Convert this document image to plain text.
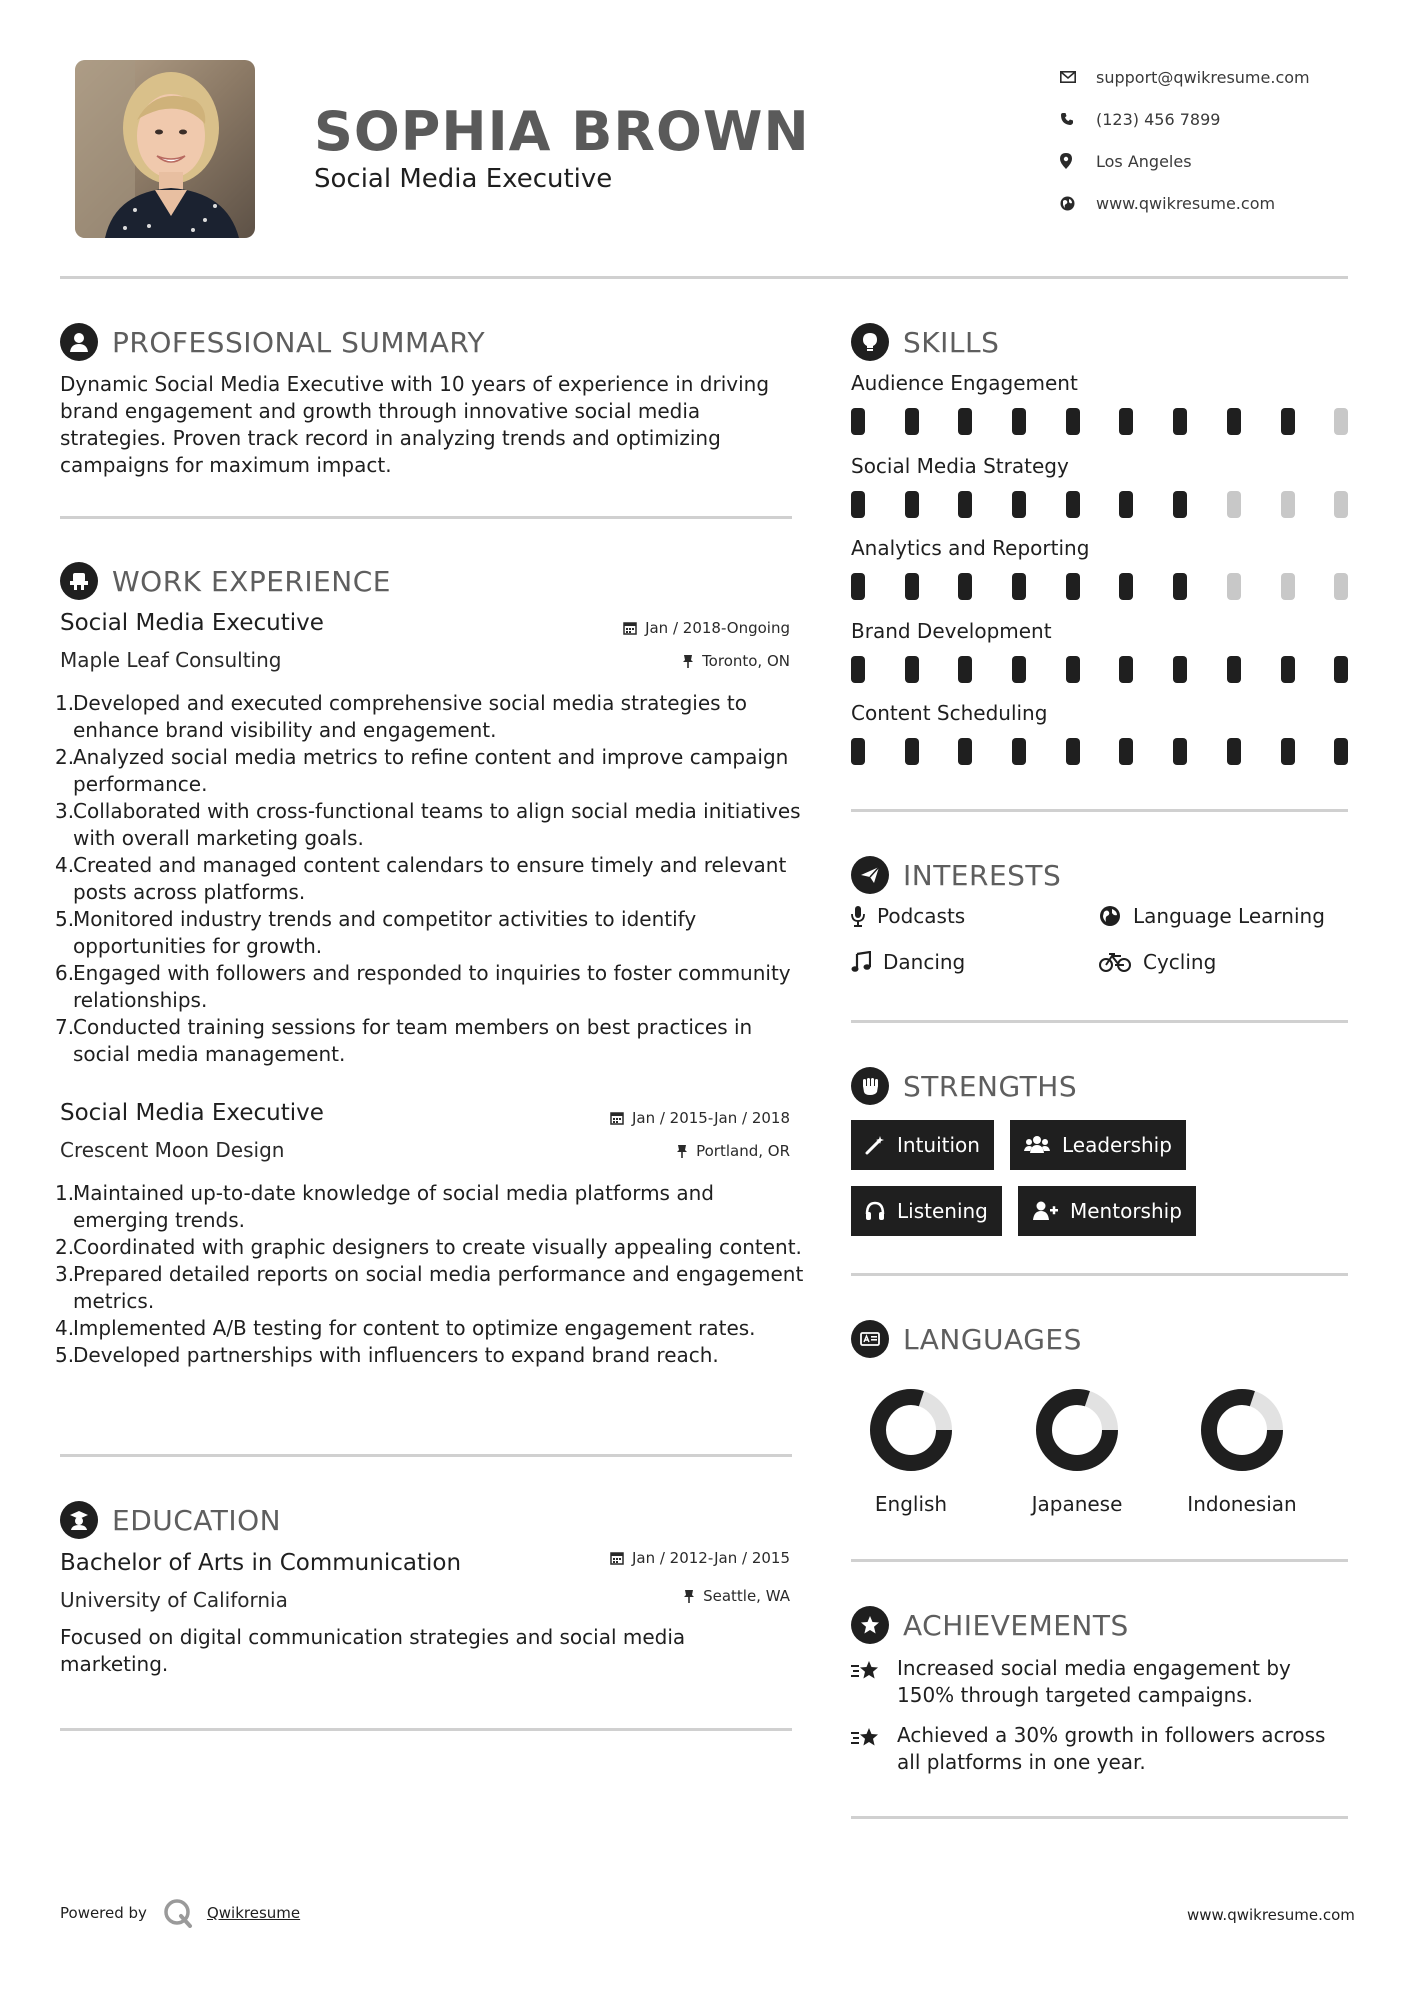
SOPHIA BROWN
Social Media Executive
support@qwikresume.com
(123) 456 7899
Los Angeles
www.qwikresume.com
PROFESSIONAL SUMMARY
Dynamic Social Media Executive with 10 years of experience in driving brand engagement and growth through innovative social media strategies. Proven track record in analyzing trends and optimizing campaigns for maximum impact.
WORK EXPERIENCE
Social Media Executive	Jan / 2018-Ongoing
Maple Leaf Consulting	Toronto, ON
1.
Developed and executed comprehensive social media strategies to enhance brand visibility and engagement.
2.
Analyzed social media metrics to refine content and improve campaign performance.
3.
Collaborated with cross-functional teams to align social media initiatives with overall marketing goals.
4.
Created and managed content calendars to ensure timely and relevant posts across platforms.
5.
Monitored industry trends and competitor activities to identify opportunities for growth.
6.
Engaged with followers and responded to inquiries to foster community relationships.
7.
Conducted training sessions for team members on best practices in social media management.
Social Media Executive	Jan / 2015-Jan / 2018
Crescent Moon Design	Portland, OR
1.
Maintained up-to-date knowledge of social media platforms and emerging trends.
2.
Coordinated with graphic designers to create visually appealing content.
3.
Prepared detailed reports on social media performance and engagement metrics.
4.
Implemented A/B testing for content to optimize engagement rates.
5.
Developed partnerships with influencers to expand brand reach.
EDUCATION
Bachelor of Arts in Communication	Jan / 2012-Jan / 2015
University of California	Seattle, WA
Focused on digital communication strategies and social media marketing.
SKILLS
Audience Engagement
Social Media Strategy
Analytics and Reporting
Brand Development
Content Scheduling
INTERESTS
Podcasts	Language Learning
Dancing	Cycling
STRENGTHS
Intuition	Leadership
Listening	Mentorship
LANGUAGES
English	Japanese	Indonesian
ACHIEVEMENTS
Increased social media engagement by 150% through targeted campaigns.
Achieved a 30% growth in followers across all platforms in one year.
Powered by	Qwikresume	www.qwikresume.com
